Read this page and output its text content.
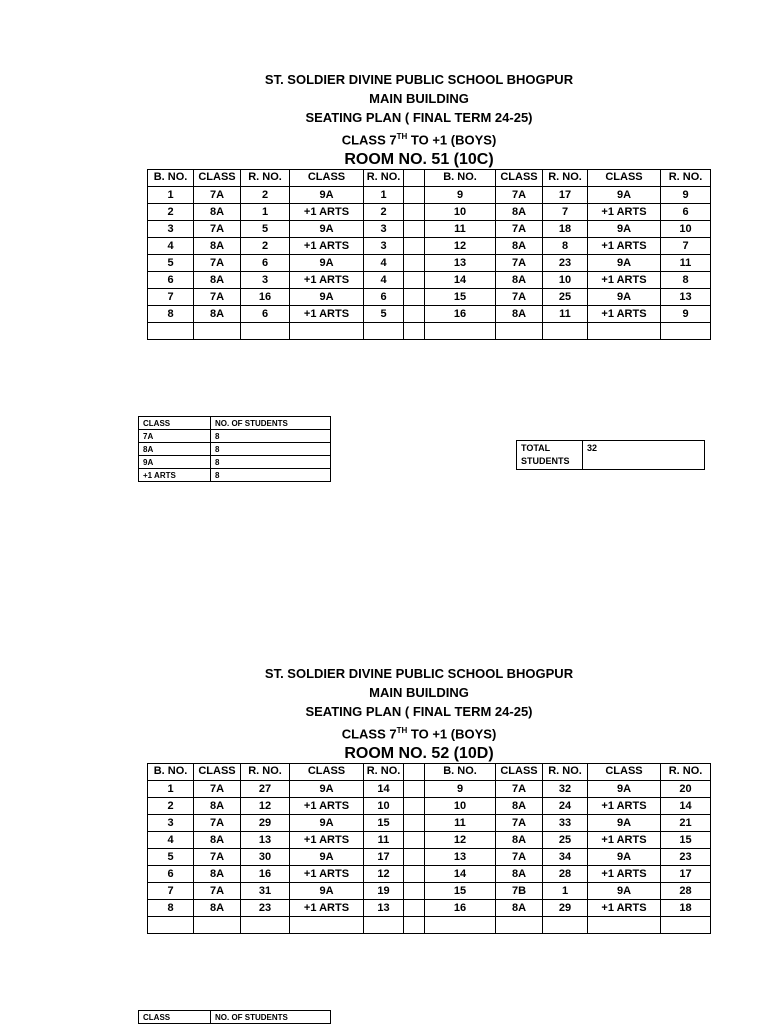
ST. SOLDIER DIVINE PUBLIC SCHOOL BHOGPUR
MAIN BUILDING
SEATING PLAN ( FINAL TERM 24-25)
CLASS 7TH TO +1 (BOYS)
ROOM NO. 51 (10C)
B. NO.	CLASS	R. NO.	CLASS	R. NO.		B. NO.	CLASS	R. NO.	CLASS	R. NO.
1	7A	2	9A	1		9	7A	17	9A	9
2	8A	1	+1 ARTS	2		10	8A	7	+1 ARTS	6
3	7A	5	9A	3		11	7A	18	9A	10
4	8A	2	+1 ARTS	3		12	8A	8	+1 ARTS	7
5	7A	6	9A	4		13	7A	23	9A	11
6	8A	3	+1 ARTS	4		14	8A	10	+1 ARTS	8
7	7A	16	9A	6		15	7A	25	9A	13
8	8A	6	+1 ARTS	5		16	8A	11	+1 ARTS	9

CLASS	NO. OF STUDENTS
7A	8
8A	8
9A	8
+1 ARTS	8
TOTAL STUDENTS	32
ST. SOLDIER DIVINE PUBLIC SCHOOL BHOGPUR
MAIN BUILDING
SEATING PLAN ( FINAL TERM 24-25)
CLASS 7TH TO +1 (BOYS)
ROOM NO. 52 (10D)
B. NO.	CLASS	R. NO.	CLASS	R. NO.		B. NO.	CLASS	R. NO.	CLASS	R. NO.
1	7A	27	9A	14		9	7A	32	9A	20
2	8A	12	+1 ARTS	10		10	8A	24	+1 ARTS	14
3	7A	29	9A	15		11	7A	33	9A	21
4	8A	13	+1 ARTS	11		12	8A	25	+1 ARTS	15
5	7A	30	9A	17		13	7A	34	9A	23
6	8A	16	+1 ARTS	12		14	8A	28	+1 ARTS	17
7	7A	31	9A	19		15	7B	1	9A	28
8	8A	23	+1 ARTS	13		16	8A	29	+1 ARTS	18

CLASS	NO. OF STUDENTS
